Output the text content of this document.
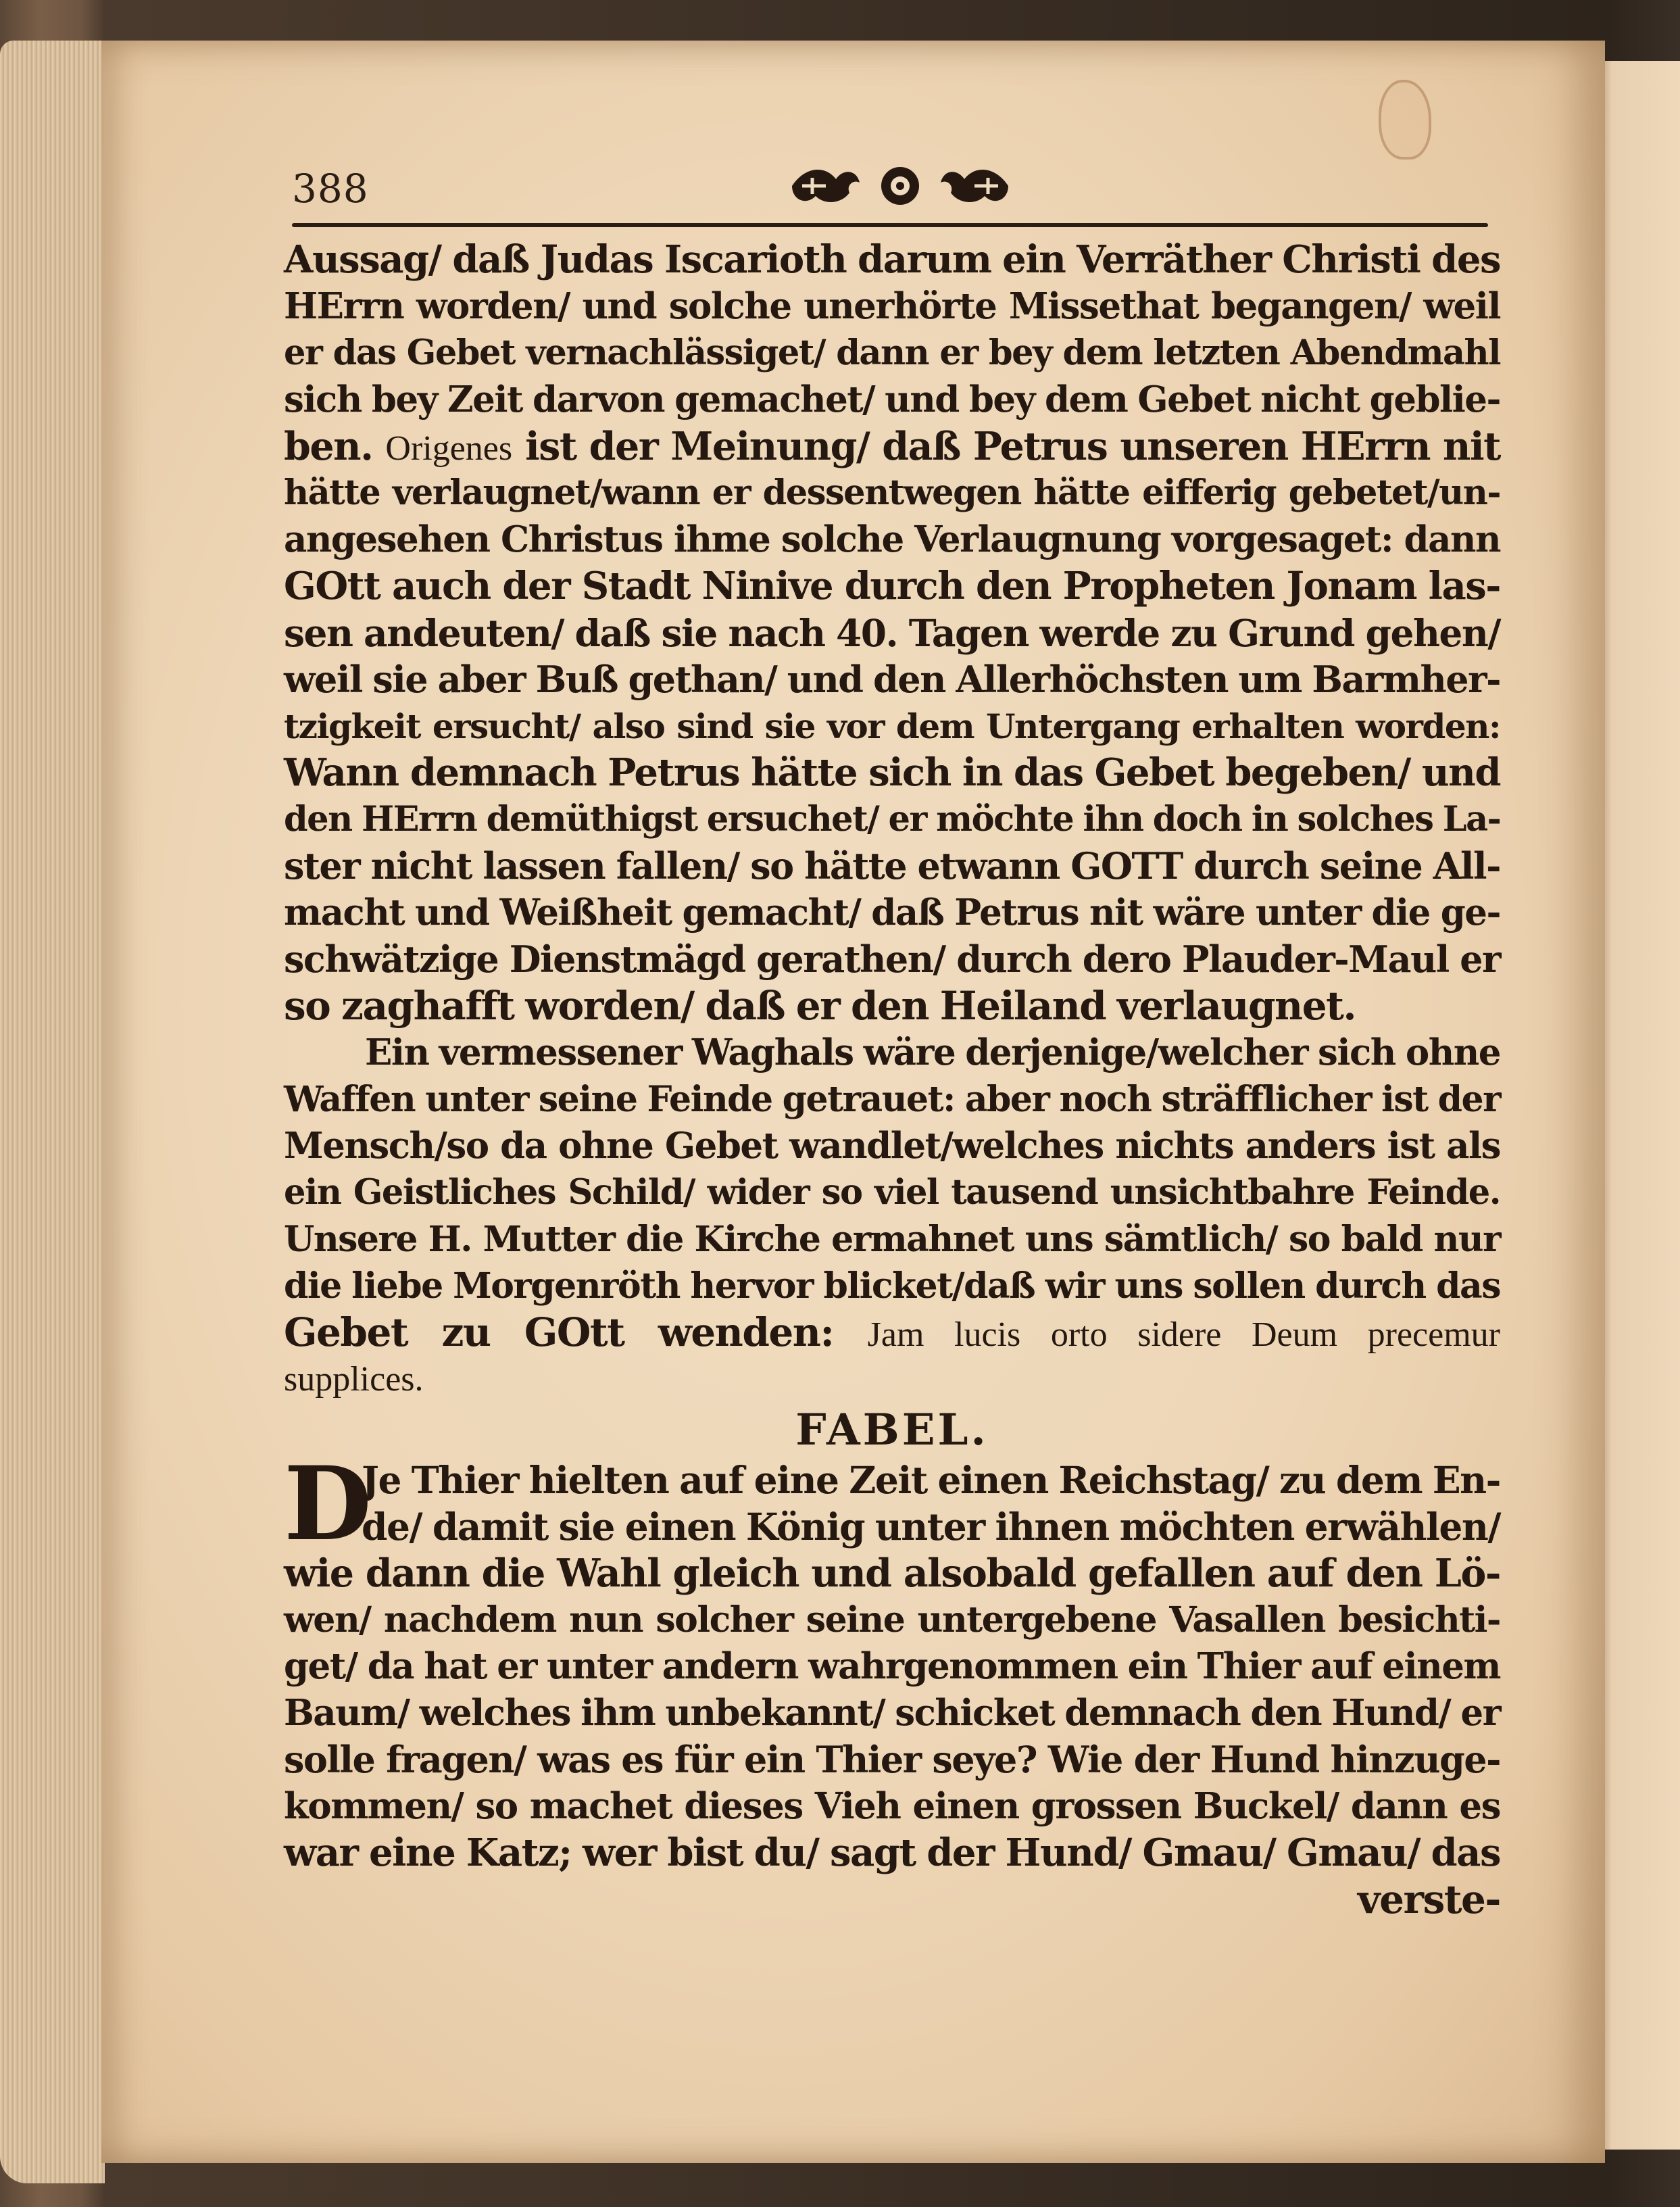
388
Aussag/ daß Judas Iscarioth darum ein Verräther Christi des
HErrn worden/ und solche unerhörte Missethat begangen/ weil
er das Gebet vernachlässiget/ dann er bey dem letzten Abendmahl
sich bey Zeit darvon gemachet/ und bey dem Gebet nicht geblie-
ben. Origenes ist der Meinung/ daß Petrus unseren HErrn nit
hätte verlaugnet/wann er dessentwegen hätte eifferig gebetet/un-
angesehen Christus ihme solche Verlaugnung vorgesaget: dann
GOtt auch der Stadt Ninive durch den Propheten Jonam las-
sen andeuten/ daß sie nach 40. Tagen werde zu Grund gehen/
weil sie aber Buß gethan/ und den Allerhöchsten um Barmher-
tzigkeit ersucht/ also sind sie vor dem Untergang erhalten worden:
Wann demnach Petrus hätte sich in das Gebet begeben/ und
den HErrn demüthigst ersuchet/ er möchte ihn doch in solches La-
ster nicht lassen fallen/ so hätte etwann GOTT durch seine All-
macht und Weißheit gemacht/ daß Petrus nit wäre unter die ge-
schwätzige Dienstmägd gerathen/ durch dero Plauder-Maul er
so zaghafft worden/ daß er den Heiland verlaugnet.
Ein vermessener Waghals wäre derjenige/welcher sich ohne
Waffen unter seine Feinde getrauet: aber noch sträfflicher ist der
Mensch/so da ohne Gebet wandlet/welches nichts anders ist als
ein Geistliches Schild/ wider so viel tausend unsichtbahre Feinde.
Unsere H. Mutter die Kirche ermahnet uns sämtlich/ so bald nur
die liebe Morgenröth hervor blicket/daß wir uns sollen durch das
Gebet zu GOtt wenden: Jam lucis orto sidere Deum precemur
supplices.
FABEL.
D
Je Thier hielten auf eine Zeit einen Reichstag/ zu dem En-
de/ damit sie einen König unter ihnen möchten erwählen/
wie dann die Wahl gleich und alsobald gefallen auf den Lö-
wen/ nachdem nun solcher seine untergebene Vasallen besichti-
get/ da hat er unter andern wahrgenommen ein Thier auf einem
Baum/ welches ihm unbekannt/ schicket demnach den Hund/ er
solle fragen/ was es für ein Thier seye? Wie der Hund hinzuge-
kommen/ so machet dieses Vieh einen grossen Buckel/ dann es
war eine Katz; wer bist du/ sagt der Hund/ Gmau/ Gmau/ das
verste-
